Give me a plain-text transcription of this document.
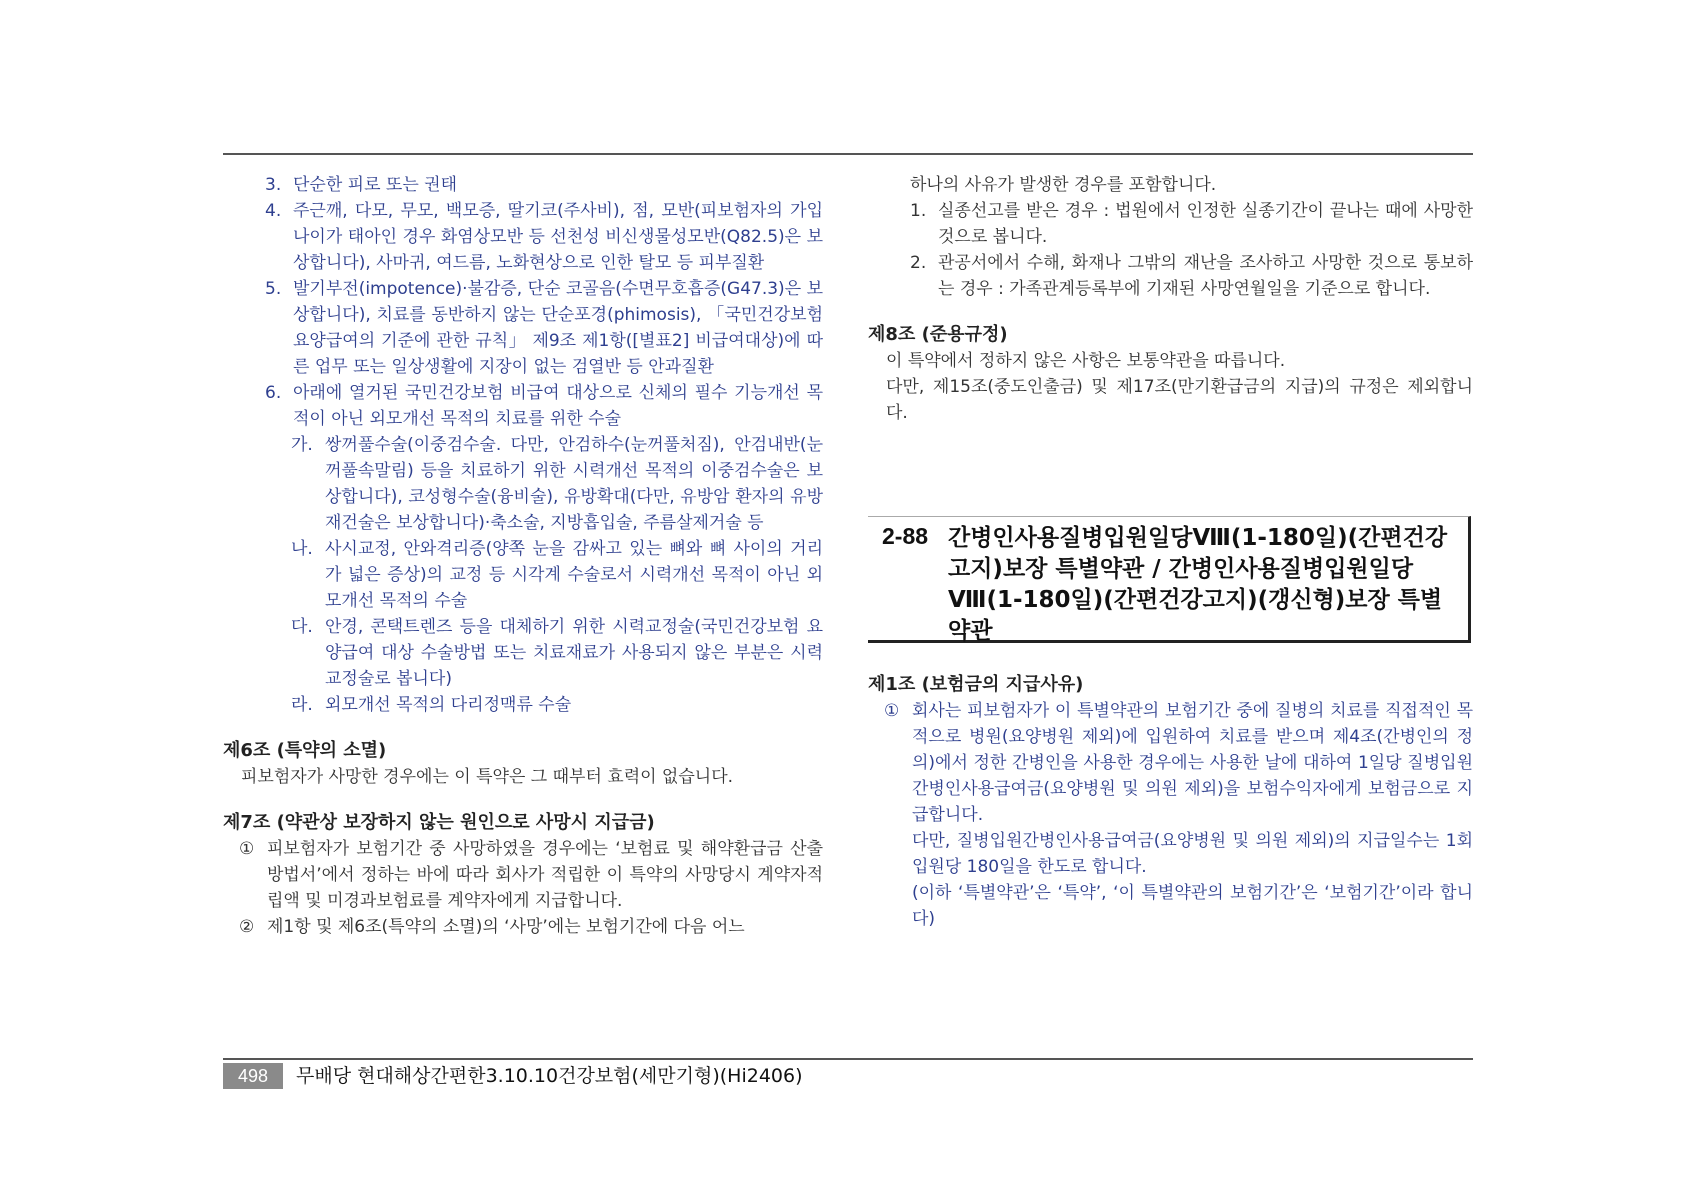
3. 단순한 피로 또는 권태
4. 주근깨, 다모, 무모, 백모증, 딸기코(주사비), 점, 모반(피보험자의 가입나이가 태아인 경우 화염상모반 등 선천성 비신생물성모반(Q82.5)은 보상합니다), 사마귀, 여드름, 노화현상으로 인한 탈모 등 피부질환
5. 발기부전(impotence)·불감증, 단순 코골음(수면무호흡증(G47.3)은 보상합니다), 치료를 동반하지 않는 단순포경(phimosis), 「국민건강보험 요양급여의 기준에 관한 규칙」 제9조 제1항([별표2] 비급여대상)에 따른 업무 또는 일상생활에 지장이 없는 검열반 등 안과질환
6. 아래에 열거된 국민건강보험 비급여 대상으로 신체의 필수 기능개선 목적이 아닌 외모개선 목적의 치료를 위한 수술
가. 쌍꺼풀수술(이중검수술. 다만, 안검하수(눈꺼풀처짐), 안검내반(눈꺼풀속말림) 등을 치료하기 위한 시력개선 목적의 이중검수술은 보상합니다), 코성형수술(융비술), 유방확대(다만, 유방암 환자의 유방재건술은 보상합니다)·축소술, 지방흡입술, 주름살제거술 등
나. 사시교정, 안와격리증(양쪽 눈을 감싸고 있는 뼈와 뼈 사이의 거리가 넓은 증상)의 교정 등 시각계 수술로서 시력개선 목적이 아닌 외모개선 목적의 수술
다. 안경, 콘택트렌즈 등을 대체하기 위한 시력교정술(국민건강보험 요양급여 대상 수술방법 또는 치료재료가 사용되지 않은 부분은 시력교정술로 봅니다)
라. 외모개선 목적의 다리정맥류 수술
제6조 (특약의 소멸)
피보험자가 사망한 경우에는 이 특약은 그 때부터 효력이 없습니다.
제7조 (약관상 보장하지 않는 원인으로 사망시 지급금)
① 피보험자가 보험기간 중 사망하였을 경우에는 ‘보험료 및 해약환급금 산출방법서’에서 정하는 바에 따라 회사가 적립한 이 특약의 사망당시 계약자적립액 및 미경과보험료를 계약자에게 지급합니다.
② 제1항 및 제6조(특약의 소멸)의 ‘사망’에는 보험기간에 다음 어느
하나의 사유가 발생한 경우를 포함합니다.
1. 실종선고를 받은 경우 : 법원에서 인정한 실종기간이 끝나는 때에 사망한 것으로 봅니다.
2. 관공서에서 수해, 화재나 그밖의 재난을 조사하고 사망한 것으로 통보하는 경우 : 가족관계등록부에 기재된 사망연월일을 기준으로 합니다.
제8조 (준용규정)
이 특약에서 정하지 않은 사항은 보통약관을 따릅니다.
다만, 제15조(중도인출금) 및 제17조(만기환급금의 지급)의 규정은 제외합니다.
2-88 간병인사용질병입원일당Ⅷ(1-180일)(간편건강고지)보장 특별약관 / 간병인사용질병입원일당Ⅷ(1-180일)(간편건강고지)(갱신형)보장 특별약관
제1조 (보험금의 지급사유)
① 회사는 피보험자가 이 특별약관의 보험기간 중에 질병의 치료를 직접적인 목적으로 병원(요양병원 제외)에 입원하여 치료를 받으며 제4조(간병인의 정의)에서 정한 간병인을 사용한 경우에는 사용한 날에 대하여 1일당 질병입원간병인사용급여금(요양병원 및 의원 제외)을 보험수익자에게 보험금으로 지급합니다.
다만, 질병입원간병인사용급여금(요양병원 및 의원 제외)의 지급일수는 1회 입원당 180일을 한도로 합니다.
(이하 ‘특별약관’은 ‘특약’, ‘이 특별약관의 보험기간’은 ‘보험기간’이라 합니다)
498	무배당 현대해상간편한3.10.10건강보험(세만기형)(Hi2406)
